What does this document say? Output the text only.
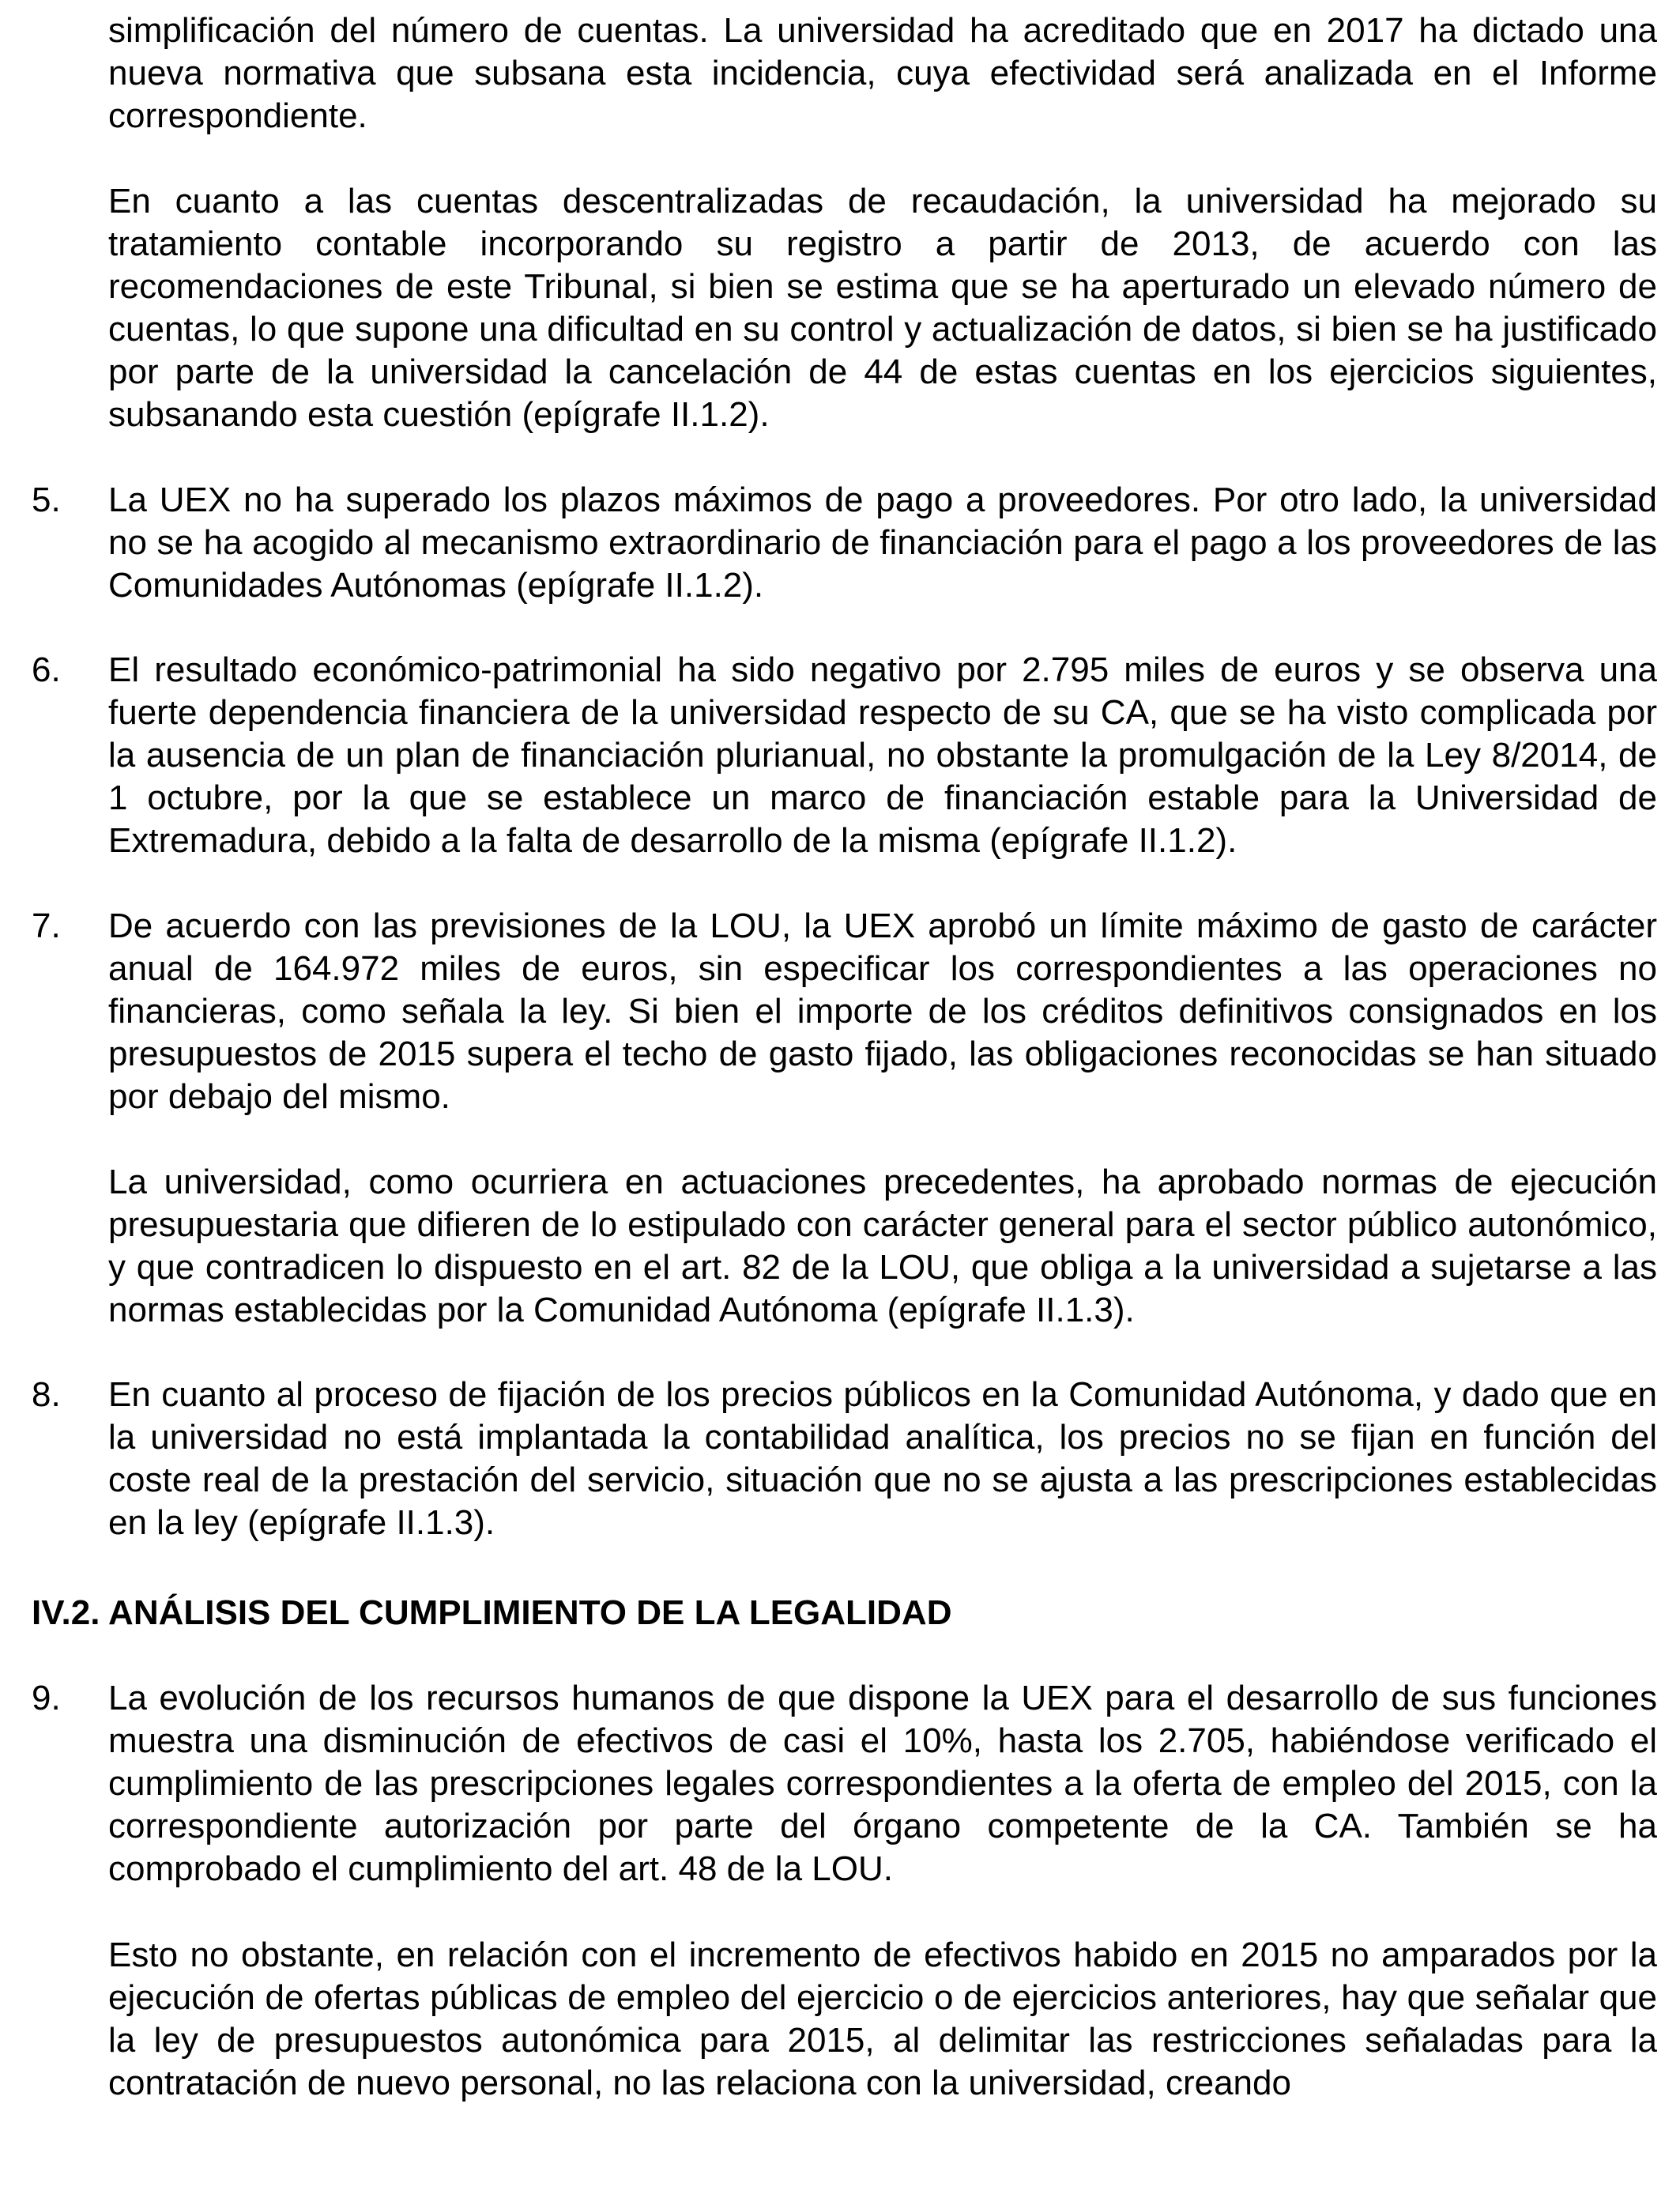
simplificación del número de cuentas. La universidad ha acreditado que en 2017 ha dictado una nueva normativa que subsana esta incidencia, cuya efectividad será analizada en el Informe correspondiente.

En cuanto a las cuentas descentralizadas de recaudación, la universidad ha mejorado su tratamiento contable incorporando su registro a partir de 2013, de acuerdo con las recomendaciones de este Tribunal, si bien se estima que se ha aperturado un elevado número de cuentas, lo que supone una dificultad en su control y actualización de datos, si bien se ha justificado por parte de la universidad la cancelación de 44 de estas cuentas en los ejercicios siguientes, subsanando esta cuestión (epígrafe II.1.2).

5.	La UEX no ha superado los plazos máximos de pago a proveedores. Por otro lado, la universidad no se ha acogido al mecanismo extraordinario de financiación para el pago a los proveedores de las Comunidades Autónomas (epígrafe II.1.2).

6.	El resultado económico-patrimonial ha sido negativo por 2.795 miles de euros y se observa una fuerte dependencia financiera de la universidad respecto de su CA, que se ha visto complicada por la ausencia de un plan de financiación plurianual, no obstante la promulgación de la Ley 8/2014, de 1 octubre, por la que se establece un marco de financiación estable para la Universidad de Extremadura, debido a la falta de desarrollo de la misma (epígrafe II.1.2).

7.	De acuerdo con las previsiones de la LOU, la UEX aprobó un límite máximo de gasto de carácter anual de 164.972 miles de euros, sin especificar los correspondientes a las operaciones no financieras, como señala la ley. Si bien el importe de los créditos definitivos consignados en los presupuestos de 2015 supera el techo de gasto fijado, las obligaciones reconocidas se han situado por debajo del mismo.

La universidad, como ocurriera en actuaciones precedentes, ha aprobado normas de ejecución presupuestaria que difieren de lo estipulado con carácter general para el sector público autonómico, y que contradicen lo dispuesto en el art. 82 de la LOU, que obliga a la universidad a sujetarse a las normas establecidas por la Comunidad Autónoma (epígrafe II.1.3).

8.	En cuanto al proceso de fijación de los precios públicos en la Comunidad Autónoma, y dado que en la universidad no está implantada la contabilidad analítica, los precios no se fijan en función del coste real de la prestación del servicio, situación que no se ajusta a las prescripciones establecidas en la ley (epígrafe II.1.3).

IV.2. ANÁLISIS DEL CUMPLIMIENTO DE LA LEGALIDAD

9.	La evolución de los recursos humanos de que dispone la UEX para el desarrollo de sus funciones muestra una disminución de efectivos de casi el 10%, hasta los 2.705, habiéndose verificado el cumplimiento de las prescripciones legales correspondientes a la oferta de empleo del 2015, con la correspondiente autorización por parte del órgano competente de la CA. También se ha comprobado el cumplimiento del art. 48 de la LOU.

Esto no obstante, en relación con el incremento de efectivos habido en 2015 no amparados por la ejecución de ofertas públicas de empleo del ejercicio o de ejercicios anteriores, hay que señalar que la ley de presupuestos autonómica para 2015, al delimitar las restricciones señaladas para la contratación de nuevo personal, no las relaciona con la universidad, creando
